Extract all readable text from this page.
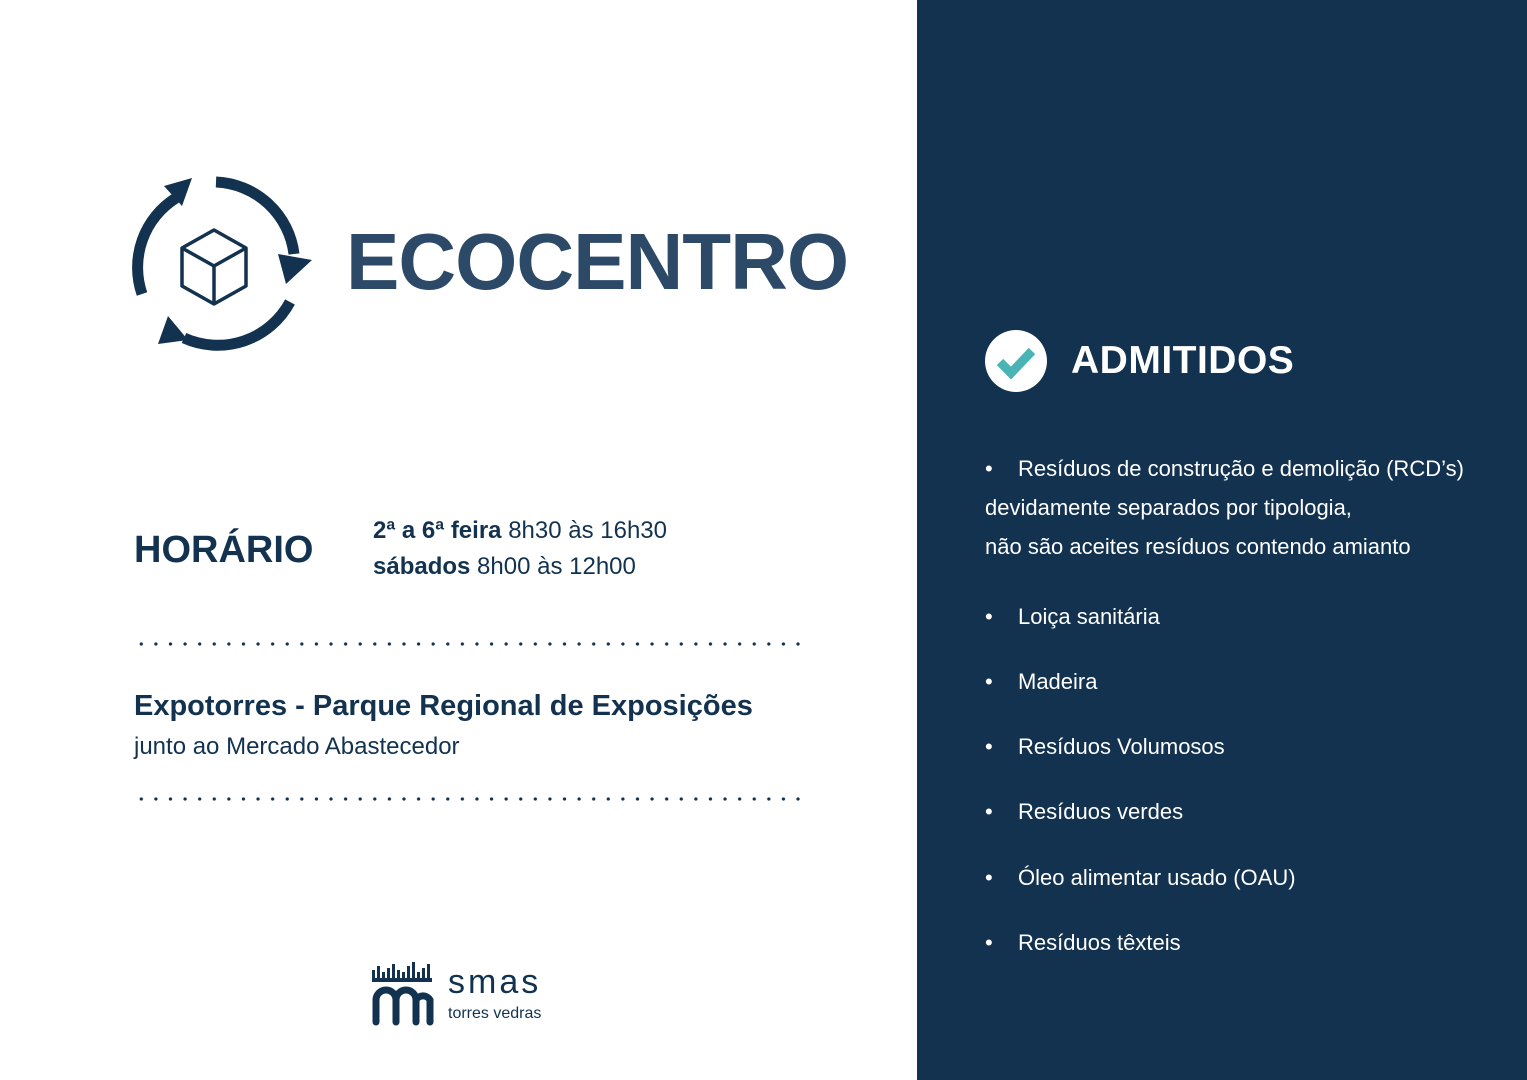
ECOCENTRO
HORÁRIO 2ª a 6ª feira 8h30 às 16h30
sábados 8h00 às 12h00
Expotorres - Parque Regional de Exposições
junto ao Mercado Abastecedor
smas
torres vedras
ADMITIDOS
• Resíduos de construção e demolição (RCD’s)
devidamente separados por tipologia,
não são aceites resíduos contendo amianto
• Loiça sanitária
• Madeira
• Resíduos Volumosos
• Resíduos verdes
• Óleo alimentar usado (OAU)
• Resíduos têxteis
